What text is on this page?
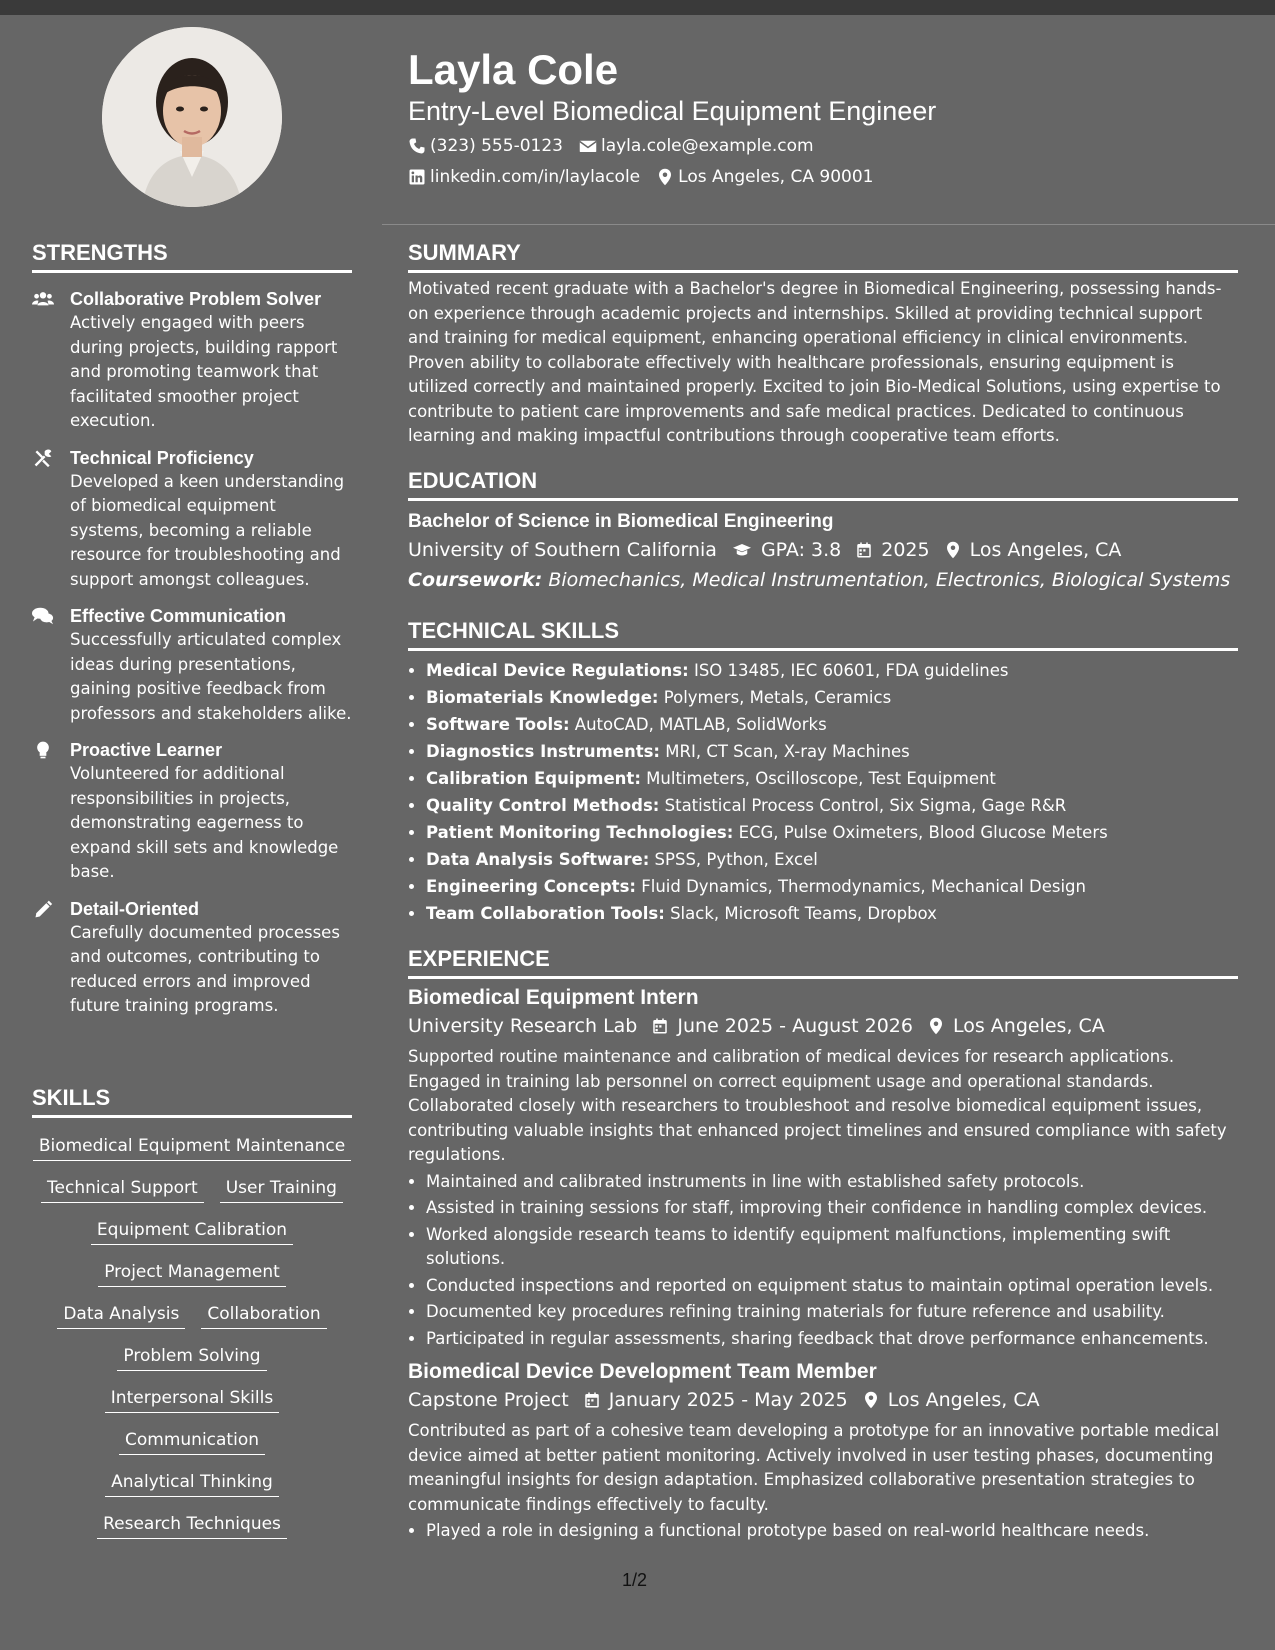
STRENGTHS
Collaborative Problem Solver
Actively engaged with peers during projects, building rapport and promoting teamwork that facilitated smoother project execution.
Technical Proficiency
Developed a keen understanding of biomedical equipment systems, becoming a reliable resource for troubleshooting and support amongst colleagues.
Effective Communication
Successfully articulated complex ideas during presentations, gaining positive feedback from professors and stakeholders alike.
Proactive Learner
Volunteered for additional responsibilities in projects, demonstrating eagerness to expand skill sets and knowledge base.
Detail-Oriented
Carefully documented processes and outcomes, contributing to reduced errors and improved future training programs.
SKILLS
Biomedical Equipment Maintenance
Technical Support	User Training
Equipment Calibration
Project Management
Data Analysis	Collaboration
Problem Solving
Interpersonal Skills
Communication
Analytical Thinking
Research Techniques
Layla Cole
Entry-Level Biomedical Equipment Engineer
(323) 555-0123 layla.cole@example.com
linkedin.com/in/laylacole Los Angeles, CA 90001
SUMMARY

Motivated recent graduate with a Bachelor's degree in Biomedical Engineering, possessing hands-on experience through academic projects and internships. Skilled at providing technical support and training for medical equipment, enhancing operational efficiency in clinical environments. Proven ability to collaborate effectively with healthcare professionals, ensuring equipment is utilized correctly and maintained properly. Excited to join Bio-Medical Solutions, using expertise to contribute to patient care improvements and safe medical practices. Dedicated to continuous learning and making impactful contributions through cooperative team efforts.

EDUCATION
Bachelor of Science in Biomedical Engineering
University of Southern California GPA: 3.8 2025 Los Angeles, CA
Coursework: Biomechanics, Medical Instrumentation, Electronics, Biological Systems
TECHNICAL SKILLS
• Medical Device Regulations: ISO 13485, IEC 60601, FDA guidelines
• Biomaterials Knowledge: Polymers, Metals, Ceramics
• Software Tools: AutoCAD, MATLAB, SolidWorks
• Diagnostics Instruments: MRI, CT Scan, X-ray Machines
• Calibration Equipment: Multimeters, Oscilloscope, Test Equipment
• Quality Control Methods: Statistical Process Control, Six Sigma, Gage R&R
• Patient Monitoring Technologies: ECG, Pulse Oximeters, Blood Glucose Meters
• Data Analysis Software: SPSS, Python, Excel
• Engineering Concepts: Fluid Dynamics, Thermodynamics, Mechanical Design
• Team Collaboration Tools: Slack, Microsoft Teams, Dropbox
EXPERIENCE
Biomedical Equipment Intern
University Research Lab June 2025 - August 2026 Los Angeles, CA

Supported routine maintenance and calibration of medical devices for research applications. Engaged in training lab personnel on correct equipment usage and operational standards. Collaborated closely with researchers to troubleshoot and resolve biomedical equipment issues, contributing valuable insights that enhanced project timelines and ensured compliance with safety regulations.

• Maintained and calibrated instruments in line with established safety protocols.
• Assisted in training sessions for staff, improving their confidence in handling complex devices.
• Worked alongside research teams to identify equipment malfunctions, implementing swift solutions.
• Conducted inspections and reported on equipment status to maintain optimal operation levels.
• Documented key procedures refining training materials for future reference and usability.
• Participated in regular assessments, sharing feedback that drove performance enhancements.
Biomedical Device Development Team Member
Capstone Project January 2025 - May 2025 Los Angeles, CA

Contributed as part of a cohesive team developing a prototype for an innovative portable medical device aimed at better patient monitoring. Actively involved in user testing phases, documenting meaningful insights for design adaptation. Emphasized collaborative presentation strategies to communicate findings effectively to faculty.

• Played a role in designing a functional prototype based on real-world healthcare needs.
1/2
